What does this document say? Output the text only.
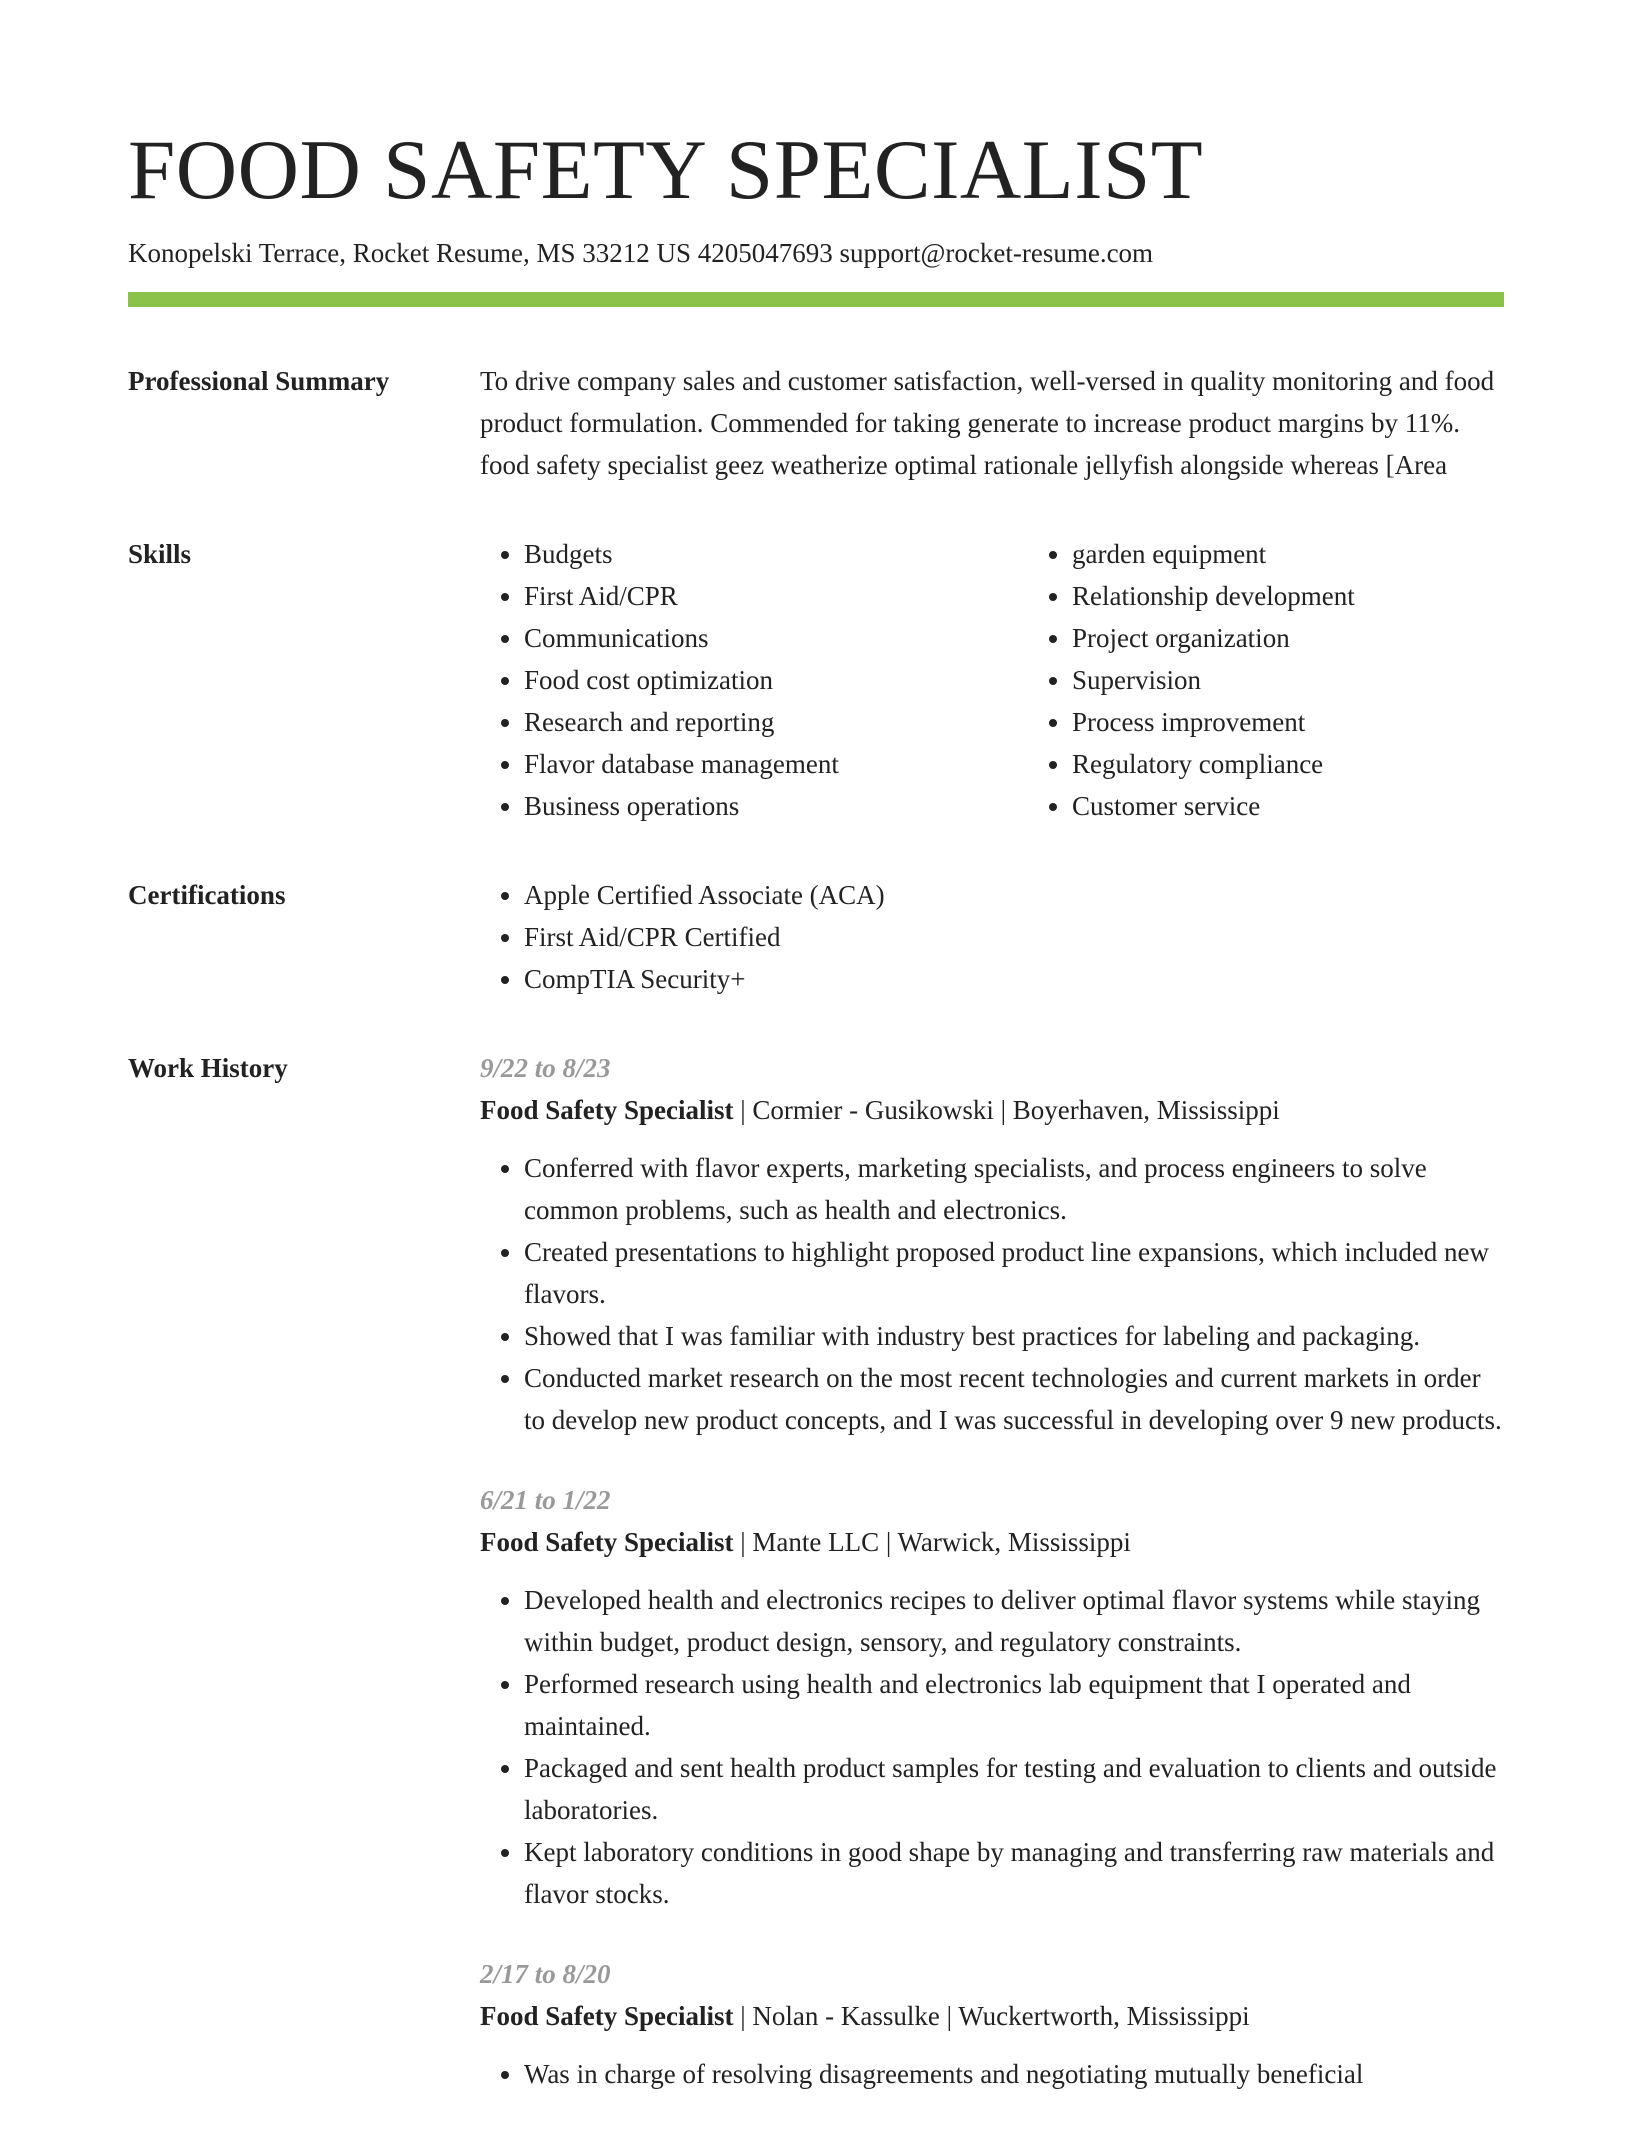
FOOD SAFETY SPECIALIST
Konopelski Terrace, Rocket Resume, MS 33212 US 4205047693 support@rocket-resume.com
Professional Summary	To drive company sales and customer satisfaction, well-versed in quality monitoring and food product formulation. Commended for taking generate to increase product margins by 11%. food safety specialist geez weatherize optimal rationale jellyfish alongside whereas [Area

Skills	• Budgets
• First Aid/CPR
• Communications
• Food cost optimization
• Research and reporting
• Flavor database management
• Business operations
• garden equipment
• Relationship development
• Project organization
• Supervision
• Process improvement
• Regulatory compliance
• Customer service
Certifications	• Apple Certified Associate (ACA)
• First Aid/CPR Certified
• CompTIA Security+
Work History	9/22 to 8/23
Food Safety Specialist | Cormier - Gusikowski | Boyerhaven, Mississippi
• Conferred with flavor experts, marketing specialists, and process engineers to solve common problems, such as health and electronics.
• Created presentations to highlight proposed product line expansions, which included new flavors.
• Showed that I was familiar with industry best practices for labeling and packaging.
• Conducted market research on the most recent technologies and current markets in order to develop new product concepts, and I was successful in developing over 9 new products.
6/21 to 1/22
Food Safety Specialist | Mante LLC | Warwick, Mississippi
• Developed health and electronics recipes to deliver optimal flavor systems while staying within budget, product design, sensory, and regulatory constraints.
• Performed research using health and electronics lab equipment that I operated and maintained.
• Packaged and sent health product samples for testing and evaluation to clients and outside laboratories.
• Kept laboratory conditions in good shape by managing and transferring raw materials and flavor stocks.
2/17 to 8/20
Food Safety Specialist | Nolan - Kassulke | Wuckertworth, Mississippi
• Was in charge of resolving disagreements and negotiating mutually beneficial
